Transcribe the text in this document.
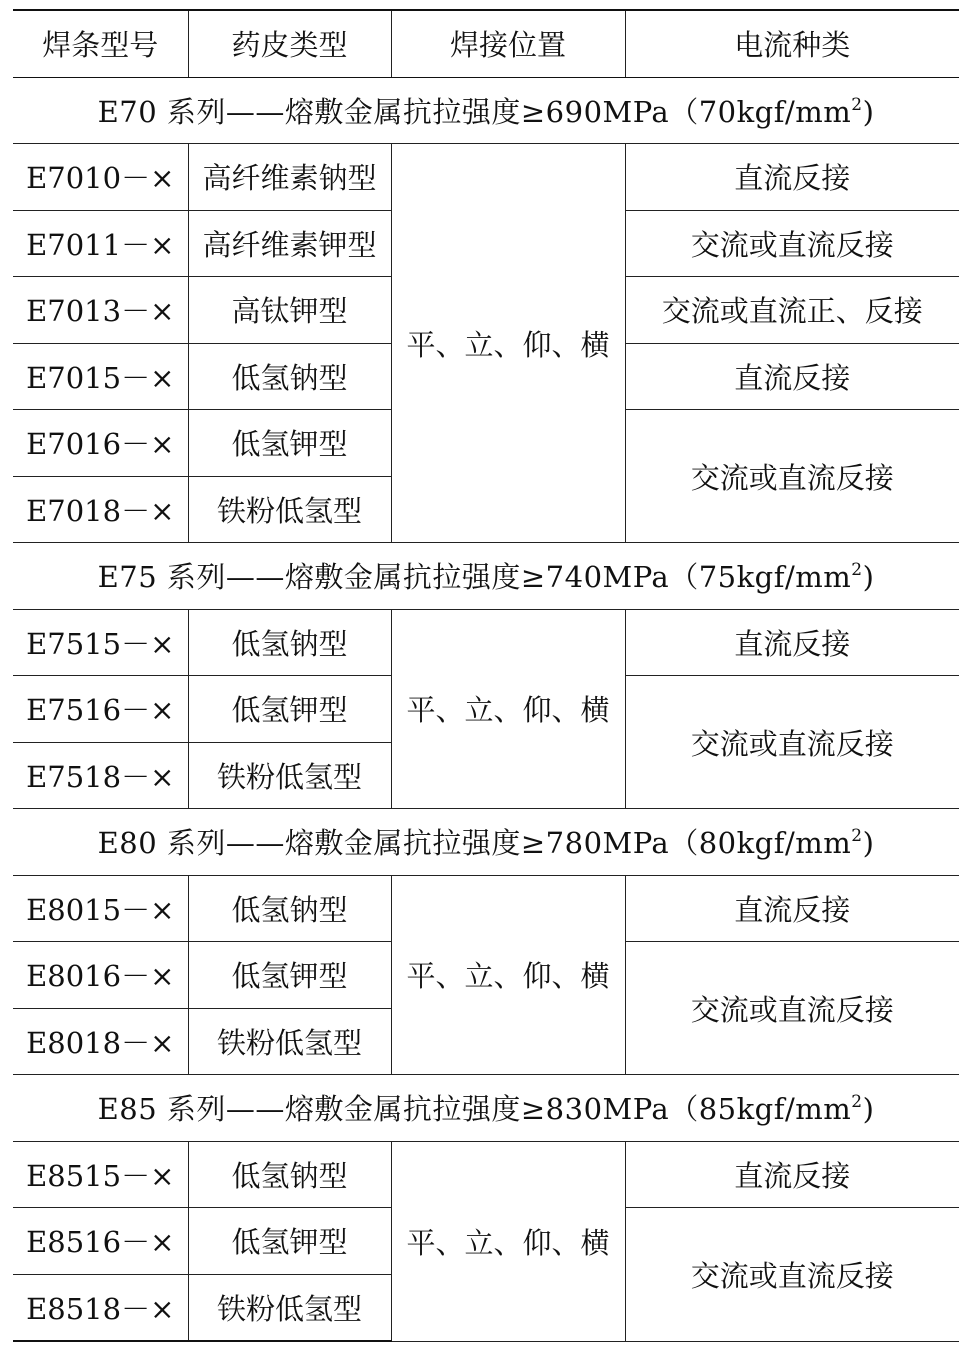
焊条型号	药皮类型	焊接位置	电流种类
E70 系列——熔敷金属抗拉强度$\ge 690MPa(70kgf/mm^2)$			
E7010－×	高纤维素钠型	平、立、仰、横	直流反接
E7011－×	高纤维素钾型		交流或直流反接
E7013－×	高钛钾型		交流或直流正、反接
E7015－×	低氢钠型		直流反接
E7016－×	低氢钾型		交流或直流反接
E7018－×	铁粉低氢型		
E75 系列——熔敷金属抗拉强度$\ge 740MPa(75kgf/mm^2)$			
E7515－×	低氢钠型	平、立、仰、横	直流反接
E7516－×	低氢钾型		交流或直流反接
E7518－×	铁粉低氢型		
E80 系列——熔敷金属抗拉强度$\ge 780MPa(80kgf/mm^2)$			
E8015－×	低氢钠型	平、立、仰、横	直流反接
E8016－×	低氢钾型		交流或直流反接
E8018－×	铁粉低氢型		
E85 系列——熔敷金属抗拉强度$\ge 830MPa(85kgf/mm^2)$			
E8515－×	低氢钠型	平、立、仰、横	直流反接
E8516－×	低氢钾型		交流或直流反接
E8518－×	铁粉低氢型		
